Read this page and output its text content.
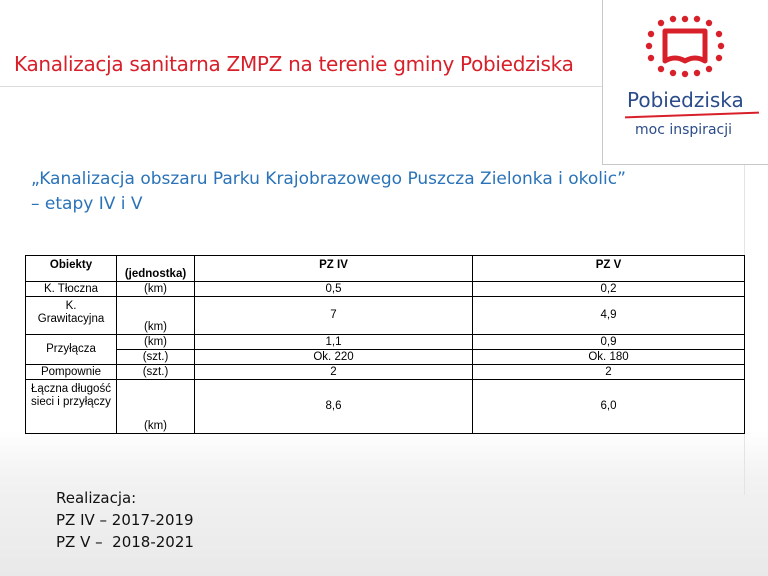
Kanalizacja sanitarna ZMPZ na terenie gminy Pobiedziska
Pobiedziska
moc inspiracji
„Kanalizacja obszaru Parku Krajobrazowego Puszcza Zielonka i okolic”
– etapy IV i V
Obiekty	(jednostka)	PZ IV	PZ V
K. Tłoczna	(km)	0,5	0,2

K.
Grawitacyjna	(km)	7	4,9
Przyłącza	(km)	1,1	0,9
	(szt.)	Ok. 220	Ok. 180
Pompownie	(szt.)	2	2

Łączna długość
sieci i przyłączy	(km)	8,6	6,0
Realizacja:
PZ IV – 2017-2019
PZ V –  2018-2021
